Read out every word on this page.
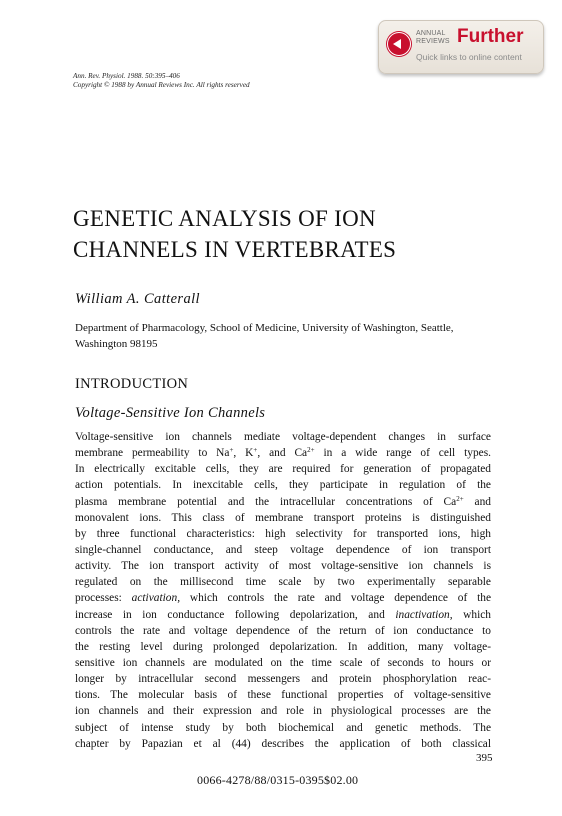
ANNUAL
REVIEWS Further
Quick links to online content
Ann. Rev. Physiol. 1988. 50:395–406
Copyright © 1988 by Annual Reviews Inc. All rights reserved
GENETIC ANALYSIS OF ION
CHANNELS IN VERTEBRATES
William A. Catterall
Department of Pharmacology, School of Medicine, University of Washington, Seattle,
Washington 98195
INTRODUCTION
Voltage-Sensitive Ion Channels
Voltage-sensitive ion channels mediate voltage-dependent changes in surface
membrane permeability to Na+, K+, and $Ca^{2+}$ in a wide range of cell types.
In electrically excitable cells, they are required for generation of propagated
action potentials. In inexcitable cells, they participate in regulation of the
plasma membrane potential and the intracellular concentrations of $Ca^{2+}$ and
monovalent ions. This class of membrane transport proteins is distinguished
by three functional characteristics: high selectivity for transported ions, high
single-channel conductance, and steep voltage dependence of ion transport
activity. The ion transport activity of most voltage-sensitive ion channels is
regulated on the millisecond time scale by two experimentally separable
processes: activation, which controls the rate and voltage dependence of the
increase in ion conductance following depolarization, and inactivation, which
controls the rate and voltage dependence of the return of ion conductance to
the resting level during prolonged depolarization. In addition, many voltage-
sensitive ion channels are modulated on the time scale of seconds to hours or
longer by intracellular second messengers and protein phosphorylation reac-
tions. The molecular basis of these functional properties of voltage-sensitive
ion channels and their expression and role in physiological processes are the
subject of intense study by both biochemical and genetic methods. The
chapter by Papazian et al (44) describes the application of both classical
395
0066-4278/88/0315-0395$02.00
